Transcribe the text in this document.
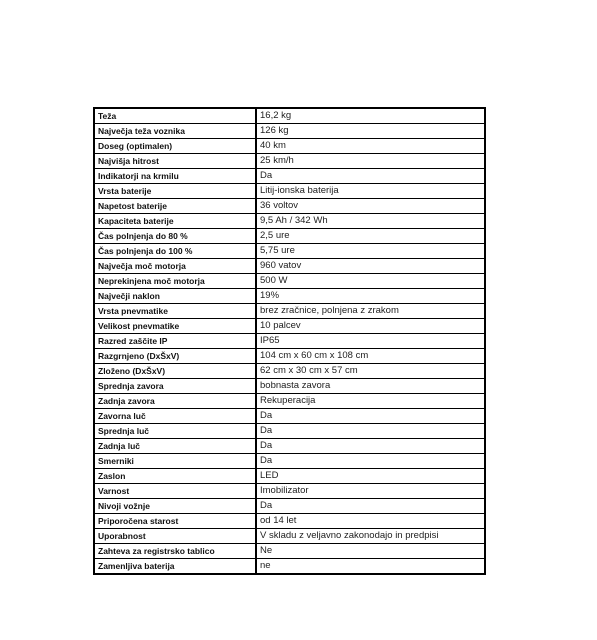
Teža	16,2 kg
Največja teža voznika	126 kg
Doseg (optimalen)	40 km
Najvišja hitrost	25 km/h
Indikatorji na krmilu	Da
Vrsta baterije	Litij-ionska baterija
Napetost baterije	36 voltov
Kapaciteta baterije	9,5 Ah / 342 Wh
Čas polnjenja do 80 %	2,5 ure
Čas polnjenja do 100 %	5,75 ure
Največja moč motorja	960 vatov
Neprekinjena moč motorja	500 W
Največji naklon	19%
Vrsta pnevmatike	brez zračnice, polnjena z zrakom
Velikost pnevmatike	10 palcev
Razred zaščite IP	IP65
Razgrnjeno (DxŠxV)	104 cm x 60 cm x 108 cm
Zloženo (DxŠxV)	62 cm x 30 cm x 57 cm
Sprednja zavora	bobnasta zavora
Zadnja zavora	Rekuperacija
Zavorna luč	Da
Sprednja luč	Da
Zadnja luč	Da
Smerniki	Da
Zaslon	LED
Varnost	Imobilizator
Nivoji vožnje	Da
Priporočena starost	od 14 let
Uporabnost	V skladu z veljavno zakonodajo in predpisi
Zahteva za registrsko tablico	Ne
Zamenljiva baterija	ne
